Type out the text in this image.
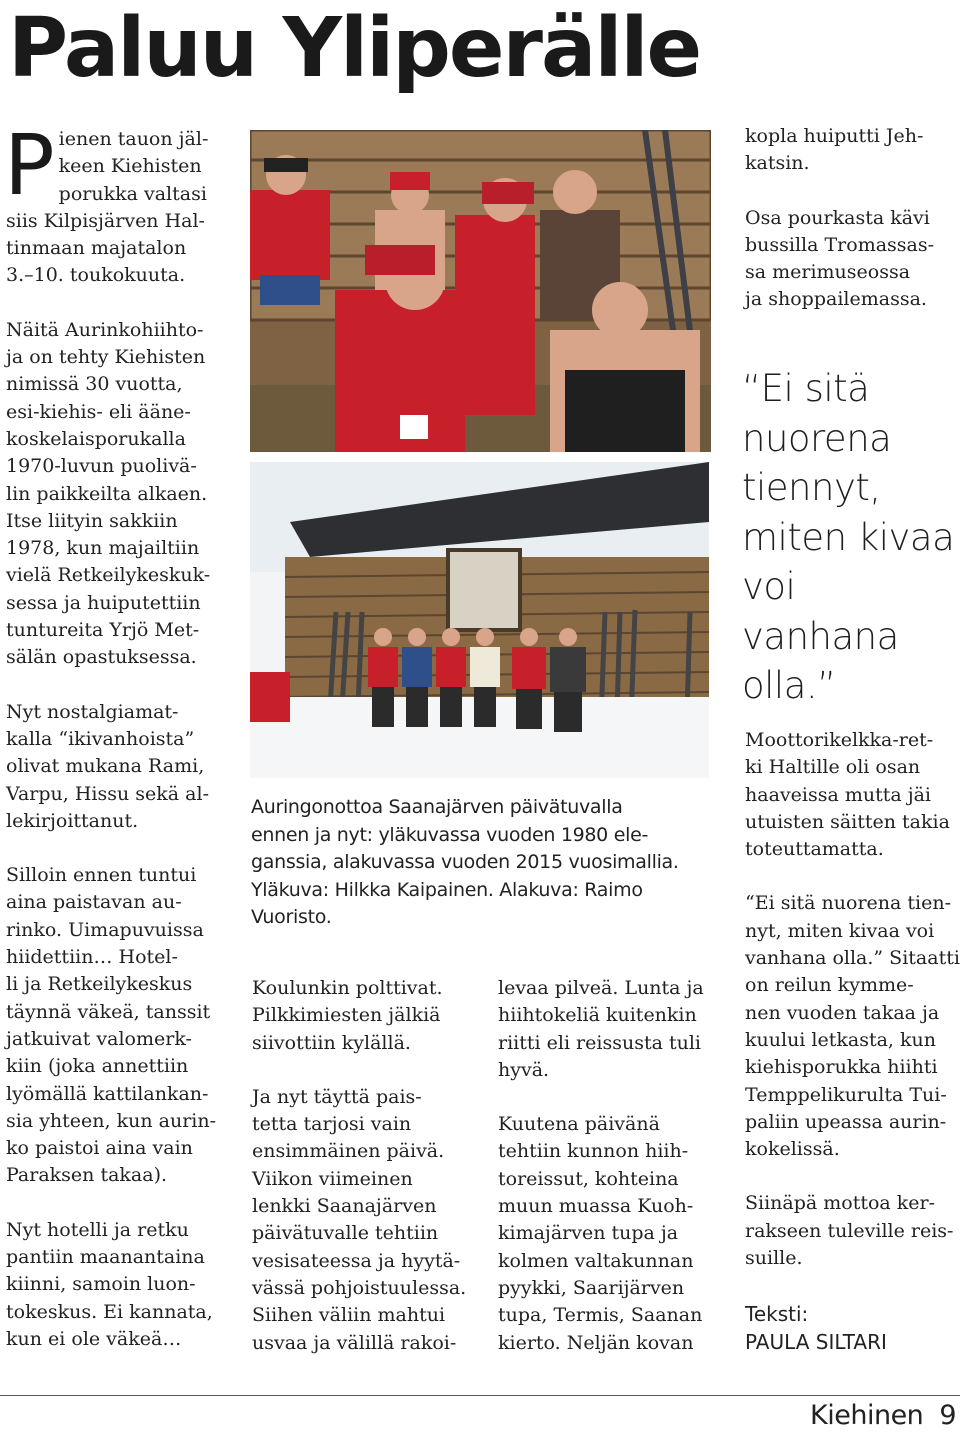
Paluu Yliperälle

Pienen tauon jäl-
keen Kiehisten
porukka valtasi
siis Kilpisjärven Hal-
tinmaan majatalon
3.–10. toukokuuta.

Näitä Aurinkohiihto-
ja on tehty Kiehisten
nimissä 30 vuotta,
esi-kiehis- eli ääne-
koskelaisporukalla
1970-luvun puolivä-
lin paikkeilta alkaen.
Itse liityin sakkiin
1978, kun majailtiin
vielä Retkeilykeskuk-
sessa ja huiputettiin
tuntureita Yrjö Met-
sälän opastuksessa.

Nyt nostalgiamat-
kalla “ikivanhoista”
olivat mukana Rami,
Varpu, Hissu sekä al-
lekirjoittanut.

Silloin ennen tuntui
aina paistavan au-
rinko. Uimapuvuissa
hiidettiin… Hotel-
li ja Retkeilykeskus
täynnä väkeä, tanssit
jatkuivat valomerk-
kiin (joka annettiin
lyömällä kattilankan-
sia yhteen, kun aurin-
ko paistoi aina vain
Paraksen takaa).

Nyt hotelli ja retku
pantiin maanantaina
kiinni, samoin luon-
tokeskus. Ei kannata,
kun ei ole väkeä…

Auringonottoa Saanajärven päivätuvalla
ennen ja nyt: yläkuvassa vuoden 1980 ele-
ganssia, alakuvassa vuoden 2015 vuosimallia.
Yläkuva: Hilkka Kaipainen. Alakuva: Raimo
Vuoristo.

Koulunkin polttivat.
Pilkkimiesten jälkiä
siivottiin kylällä.

Ja nyt täyttä pais-
tetta tarjosi vain
ensimmäinen päivä.
Viikon viimeinen
lenkki Saanajärven
päivätuvalle tehtiin
vesisateessa ja hyytä-
vässä pohjoistuulessa.
Siihen väliin mahtui
usvaa ja välillä rakoi-

levaa pilveä. Lunta ja
hiihtokeliä kuitenkin
riitti eli reissusta tuli
hyvä.

Kuutena päivänä
tehtiin kunnon hiih-
toreissut, kohteina
muun muassa Kuoh-
kimajärven tupa ja
kolmen valtakunnan
pyykki, Saarijärven
tupa, Termis, Saanan
kierto. Neljän kovan

kopla huiputti Jeh-
katsin.

Osa pourkasta kävi
bussilla Tromassas-
sa merimuseossa
ja shoppailemassa.

“Ei sitä
nuorena
tiennyt,
miten kivaa
voi vanhana
olla.”

Moottorikelkka-ret-
ki Haltille oli osan
haaveissa mutta jäi
utuisten säitten takia
toteuttamatta.

“Ei sitä nuorena tien-
nyt, miten kivaa voi
vanhana olla.” Sitaatti
on reilun kymme-
nen vuoden takaa ja
kuului letkasta, kun
kiehisporukka hiihti
Temppelikurulta Tui-
paliin upeassa aurin-
kokelissä.

Siinäpä mottoa ker-
rakseen tuleville reis-
suille.

Teksti:
PAULA SILTARI
Kiehinen 9
